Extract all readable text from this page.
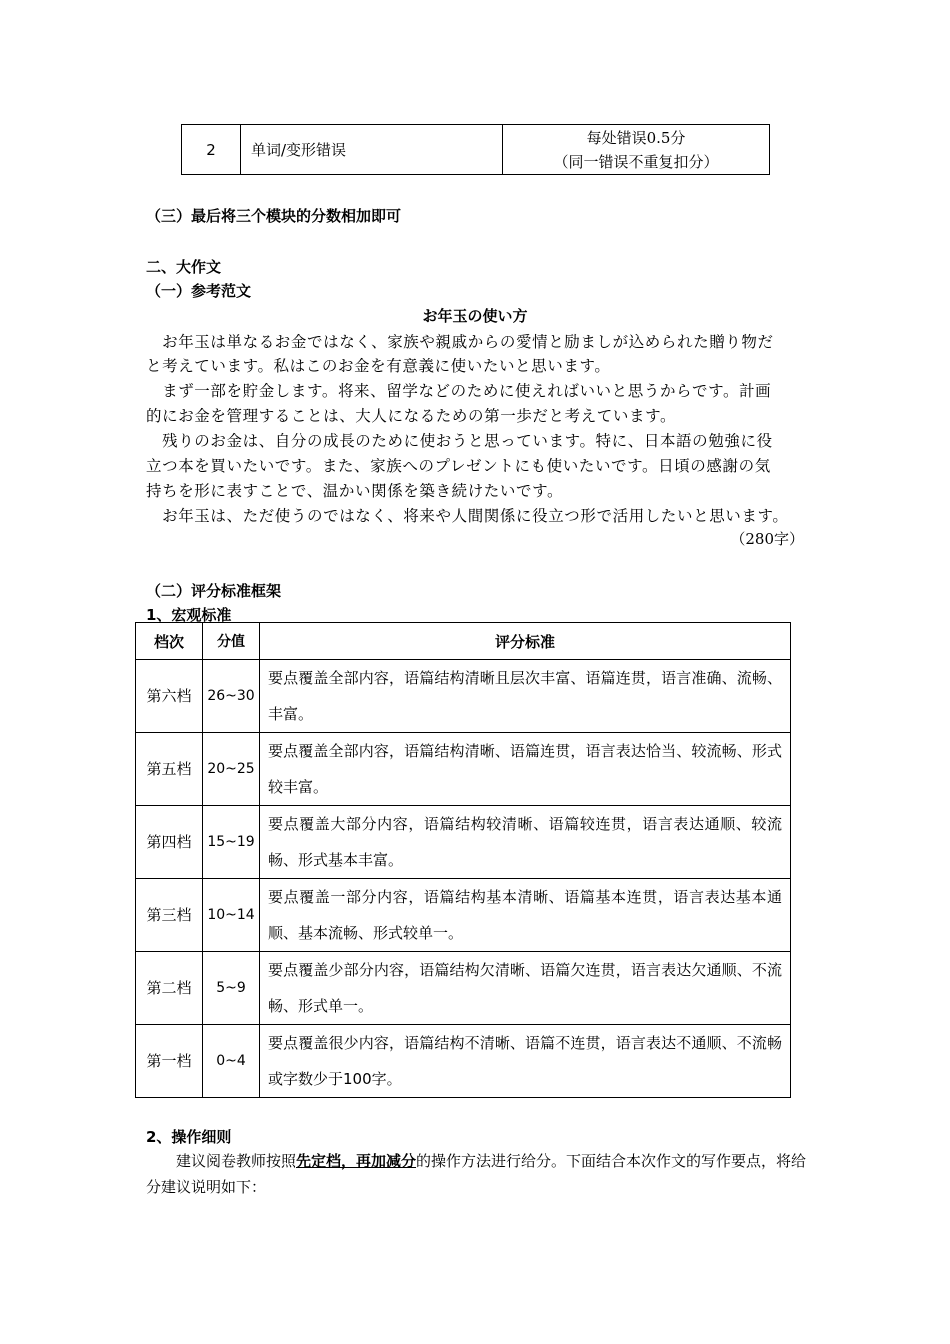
2	单词/变形错误	
每处错误0.5分
（同一错误不重复扣分）
（三）最后将三个模块的分数相加即可
二、大作文
（一）参考范文
お年玉の使い方
　お年玉は単なるお金ではなく、家族や親戚からの愛情と励ましが込められた贈り物だ
と考えています。私はこのお金を有意義に使いたいと思います。
　まず一部を貯金します。将来、留学などのために使えればいいと思うからです。計画
的にお金を管理することは、大人になるための第一歩だと考えています。
　残りのお金は、自分の成長のために使おうと思っています。特に、日本語の勉強に役
立つ本を買いたいです。また、家族へのプレゼントにも使いたいです。日頃の感謝の気
持ちを形に表すことで、温かい関係を築き続けたいです。
　お年玉は、ただ使うのではなく、将来や人間関係に役立つ形で活用したいと思います。
（280字）
（二）评分标准框架
1、宏观标准
档次	分值	评分标准
第六档	26~30	要点覆盖全部内容，语篇结构清晰且层次丰富、语篇连贯，语言准确、流畅、丰富。
第五档	20~25	要点覆盖全部内容，语篇结构清晰、语篇连贯，语言表达恰当、较流畅、形式较丰富。
第四档	15~19	要点覆盖大部分内容，语篇结构较清晰、语篇较连贯，语言表达通顺、较流畅、形式基本丰富。
第三档	10~14	要点覆盖一部分内容，语篇结构基本清晰、语篇基本连贯，语言表达基本通顺、基本流畅、形式较单一。
第二档	5~9	要点覆盖少部分内容，语篇结构欠清晰、语篇欠连贯，语言表达欠通顺、不流畅、形式单一。
第一档	0~4	要点覆盖很少内容，语篇结构不清晰、语篇不连贯，语言表达不通顺、不流畅或字数少于100字。
2、操作细则
建议阅卷教师按照先定档，再加减分的操作方法进行给分。下面结合本次作文的写作要点，将给分建议说明如下：
